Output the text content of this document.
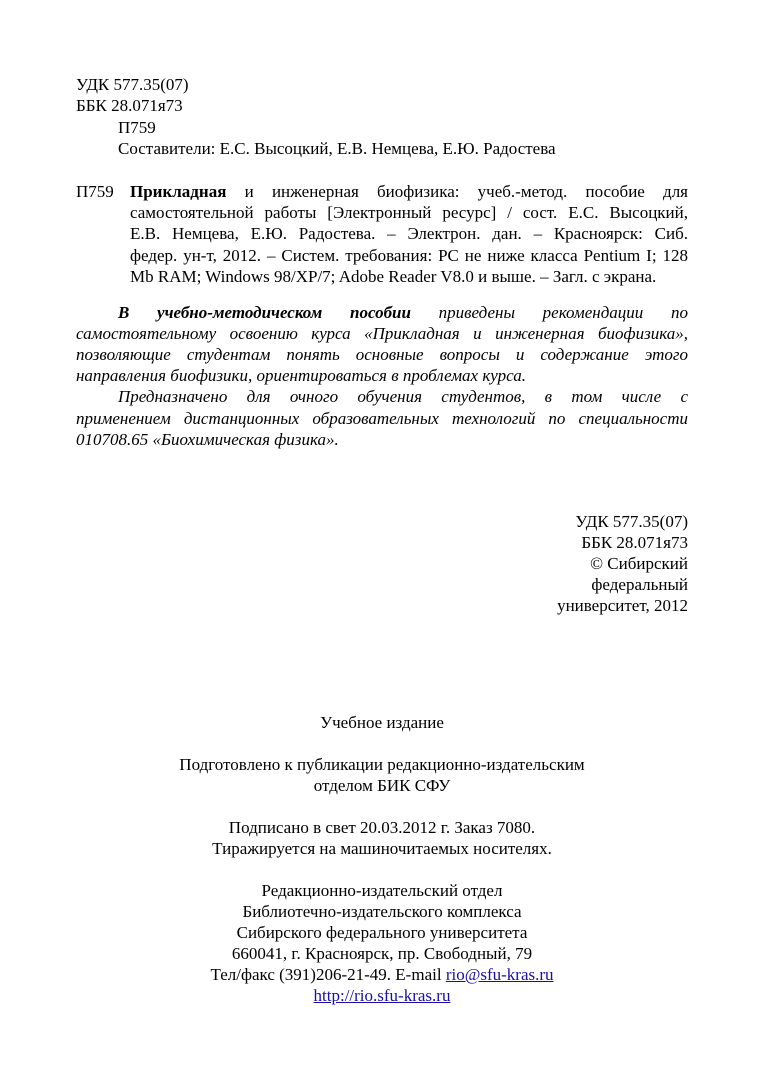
УДК 577.35(07)
ББК 28.071я73
П759
Составители: Е.С. Высоцкий, Е.В. Немцева, Е.Ю. Радостева
П759 Прикладная и инженерная биофизика: учеб.-метод. пособие для
самостоятельной работы [Электронный ресурс] / сост. Е.С. Высоцкий,
Е.В. Немцева, Е.Ю. Радостева. – Электрон. дан. – Красноярск: Сиб.
федер. ун-т, 2012. – Систем. требования: PC не ниже класса Pentium I; 128
Mb RAM; Windows 98/XP/7; Adobe Reader V8.0 и выше. – Загл. с экрана.
В учебно-методическом пособии приведены рекомендации по
самостоятельному освоению курса «Прикладная и инженерная биофизика»,
позволяющие студентам понять основные вопросы и содержание этого
направления биофизики, ориентироваться в проблемах курса.
Предназначено для очного обучения студентов, в том числе с
применением дистанционных образовательных технологий по специальности
010708.65 «Биохимическая физика».
УДК 577.35(07)
ББК 28.071я73
© Сибирский
федеральный
университет, 2012
Учебное издание
Подготовлено к публикации редакционно-издательским
отделом БИК СФУ
Подписано в свет 20.03.2012 г. Заказ 7080.
Тиражируется на машиночитаемых носителях.
Редакционно-издательский отдел
Библиотечно-издательского комплекса
Сибирского федерального университета
660041, г. Красноярск, пр. Свободный, 79
Тел/факс (391)206-21-49. E-mail rio@sfu-kras.ru
http://rio.sfu-kras.ru
